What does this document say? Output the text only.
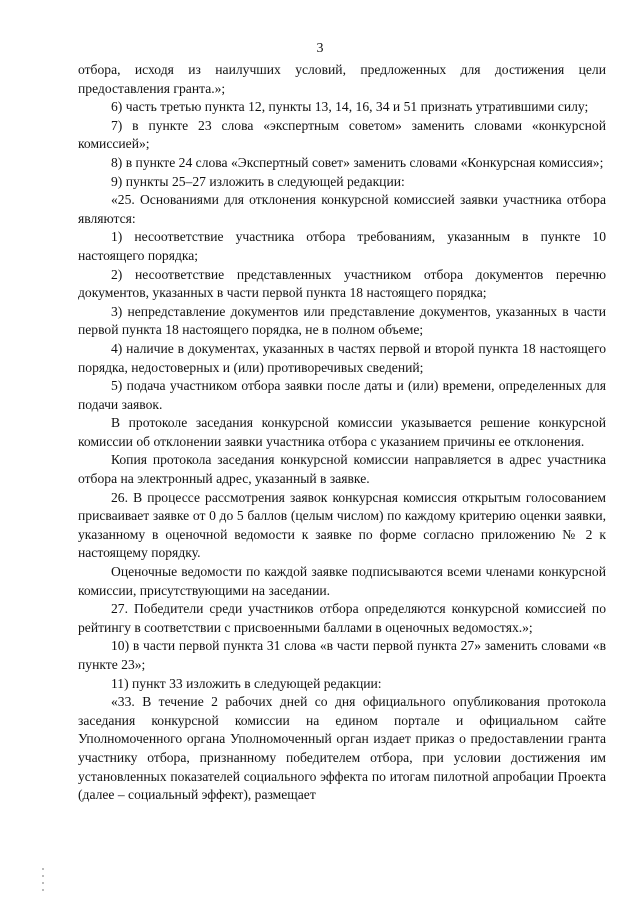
3

отбора, исходя из наилучших условий, предложенных для достижения цели предоставления гранта.»;

6) часть третью пункта 12, пункты 13, 14, 16, 34 и 51 признать утратившими силу;

7) в пункте 23 слова «экспертным советом» заменить словами «конкурсной комиссией»;

8) в пункте 24 слова «Экспертный совет» заменить словами «Конкурсная комиссия»;

9) пункты 25–27 изложить в следующей редакции:

«25. Основаниями для отклонения конкурсной комиссией заявки участника отбора являются:

1) несоответствие участника отбора требованиям, указанным в пункте 10 настоящего порядка;

2) несоответствие представленных участником отбора документов перечню документов, указанных в части первой пункта 18 настоящего порядка;

3) непредставление документов или представление документов, указанных в части первой пункта 18 настоящего порядка, не в полном объеме;

4) наличие в документах, указанных в частях первой и второй пункта 18 настоящего порядка, недостоверных и (или) противоречивых сведений;

5) подача участником отбора заявки после даты и (или) времени, определенных для подачи заявок.

В протоколе заседания конкурсной комиссии указывается решение конкурсной комиссии об отклонении заявки участника отбора с указанием причины ее отклонения.

Копия протокола заседания конкурсной комиссии направляется в адрес участника отбора на электронный адрес, указанный в заявке.

26. В процессе рассмотрения заявок конкурсная комиссия открытым голосованием присваивает заявке от 0 до 5 баллов (целым числом) по каждому критерию оценки заявки, указанному в оценочной ведомости к заявке по форме согласно приложению № 2 к настоящему порядку.

Оценочные ведомости по каждой заявке подписываются всеми членами конкурсной комиссии, присутствующими на заседании.

27. Победители среди участников отбора определяются конкурсной комиссией по рейтингу в соответствии с присвоенными баллами в оценочных ведомостях.»;

10) в части первой пункта 31 слова «в части первой пункта 27» заменить словами «в пункте 23»;

11) пункт 33 изложить в следующей редакции:

«33. В течение 2 рабочих дней со дня официального опубликования протокола заседания конкурсной комиссии на едином портале и официальном сайте Уполномоченного органа Уполномоченный орган издает приказ о предоставлении гранта участнику отбора, признанному победителем отбора, при условии достижения им установленных показателей социального эффекта по итогам пилотной апробации Проекта (далее – социальный эффект), размещает
